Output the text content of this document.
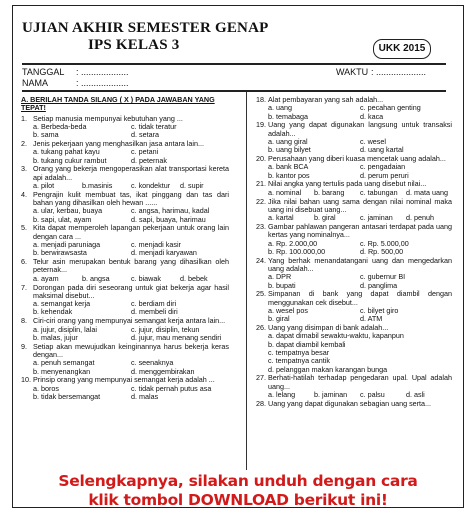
UJIAN AKHIR SEMESTER GENAP
IPS KELAS 3	UKK 2015
TANGGAL : ...................
NAMA	: ...................
WAKTU : ....................
A. BERILAH TANDA SILANG ( X ) PADA JAWABAN YANG TEPAT!
1. Setiap manusia mempunyai kebutuhan yang ...
a. Berbeda-beda	c. tidak teratur
b. sama	d. setara
2. Jenis pekerjaan yang menghasilkan jasa antara lain...
a. tukang pahat kayu	c. petani
b. tukang cukur rambut	d. peternak
3. Orang yang bekerja mengoperasikan alat transportasi kereta api adalah...
a. pilot	b.masinis	c. kondektur	d. supir
4. Pengrajin kulit membuat tas, ikat pinggang dan tas dari bahan yang dihasilkan oleh hewan ......
a. ular, kerbau, buaya	c. angsa, harimau, kadal
b. sapi, ulat, ayam	d. sapi, buaya, harimau
5. Kita dapat memperoleh lapangan pekerjaan untuk orang lain dengan cara ...
a. menjadi paruniaga	c. menjadi kasir
b. berwirawsasta	d. menjadi karyawan
6. Telur asin merupakan bentuk barang yang dihasilkan oleh peternak...
a. ayam	b. angsa	c. biawak	d. bebek
7. Dorongan pada diri seseorang untuk giat bekerja agar hasil maksimal disebut...
a. semangat kerja	c. berdiam diri
b. kehendak	d. membeli diri
8. Ciri-ciri orang yang mempunyai semangat kerja antara lain...
a. jujur, disiplin, lalai	c. jujur, disiplin, tekun
b. malas, jujur	d. jujur, mau menang sendiri
9. Setiap akan mewujudkan keinginannya harus bekerja keras dengan...
a. penuh semangat	c. seenaknya
b. menyenangkan	d. menggembirakan
10. Prinsip orang yang mempunyai semangat kerja adalah ...
a. boros	c. tidak pernah putus asa
b. tidak bersemangat	d. malas
18. Alat pembayaran yang sah adalah...
a. uang	c. pecahan genting
b. temabaga	d. kaca
19. Uang yang dapat digunakan langsung untuk transaksi adalah...
a. uang giral	c. wesel
b. uang bilyet	d. uang kartal
20. Perusahaan yang diberi kuasa mencetak uang adalah...
a. bank BCA	c. pengadaian
b. kantor pos	d. perum peruri
21. Nilai angka yang tertulis pada uang disebut nilai...
a. nominal	b. barang	c. tabungan	d. mata uang
22. Jika nilai bahan uang sama dengan nilai nominal maka uang ini disebuat uang...
a. kartal	b. giral	c. jaminan	d. penuh
23. Gambar pahlawan pangeran antasari terdapat pada uang kertas yang nominalnya...
a. Rp. 2.000,00	c. Rp. 5.000,00
b. Rp. 100.000,00	d. Rp. 500,00
24. Yang berhak menandatangani uang dan mengedarkan uang adalah...
a. DPR	c. gubernur BI
b. bupati	d. panglima
25. Simpanan di bank yang dapat diambil dengan menggunakan cek disebut...
a. wesel pos	c. bilyet giro
b. giral	d. ATM
26. Uang yang disimpan di bank adalah...
a. dapat dimabil sewaktu-waktu, kapanpun
b. dapat diambil kembali
c. tempatnya besar
c. tempatnya cantik
d. pelanggan makan karangan bunga
27. Berhati-hatilah terhadap pengedaran upal. Upal adalah uang...
a. lelang	b. jaminan	c. palsu	d. asli
28. Uang yang dapat digunakan sebagian uang serta...
Selengkapnya, silakan unduh dengan cara
klik tombol DOWNLOAD berikut ini!
